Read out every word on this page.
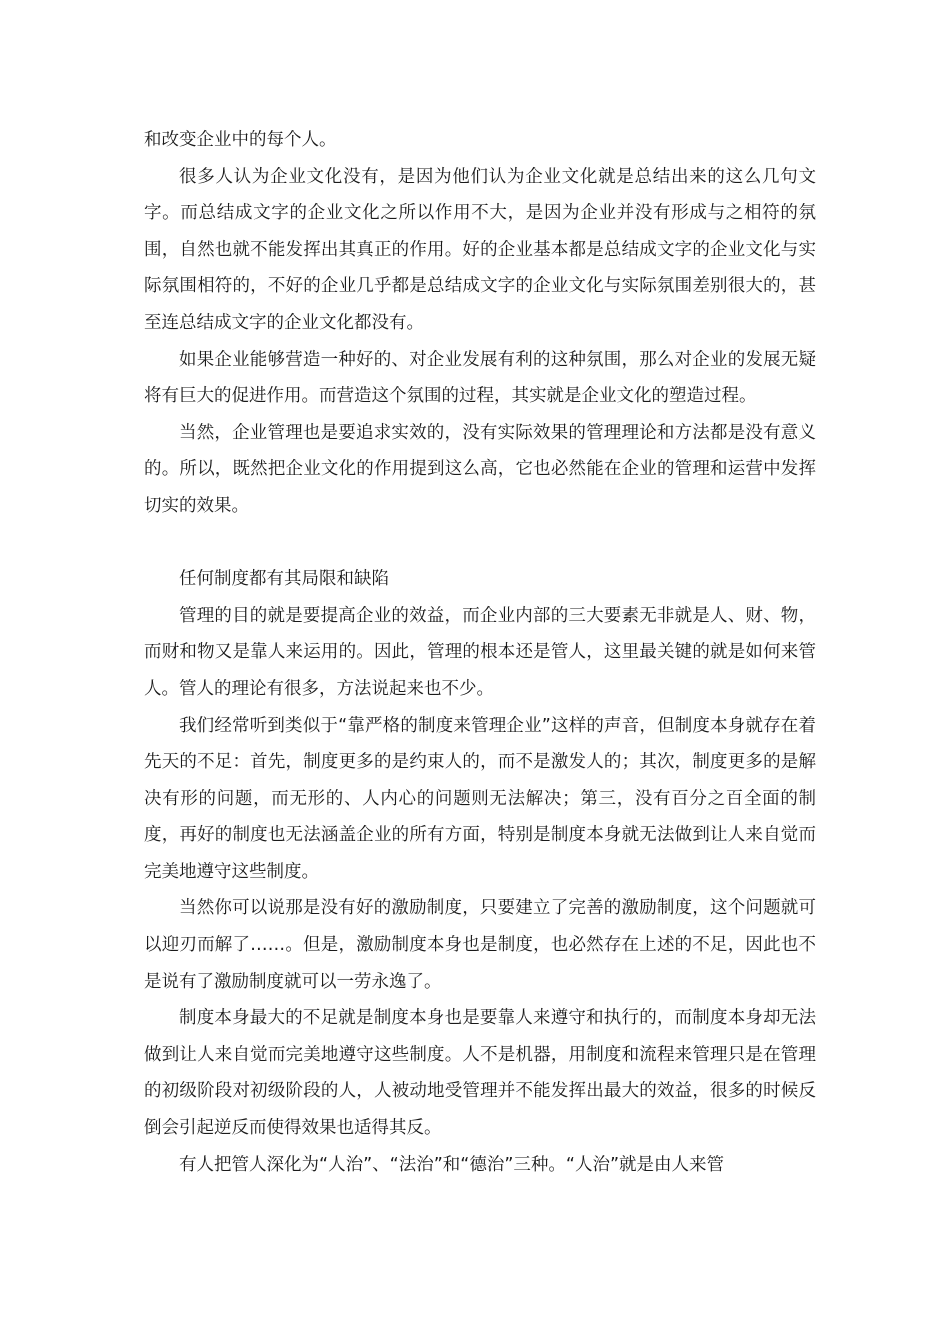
和改变企业中的每个人。

很多人认为企业文化没有，是因为他们认为企业文化就是总结出来的这么几句文字。而总结成文字的企业文化之所以作用不大，是因为企业并没有形成与之相符的氛围，自然也就不能发挥出其真正的作用。好的企业基本都是总结成文字的企业文化与实际氛围相符的，不好的企业几乎都是总结成文字的企业文化与实际氛围差别很大的，甚至连总结成文字的企业文化都没有。

如果企业能够营造一种好的、对企业发展有利的这种氛围，那么对企业的发展无疑将有巨大的促进作用。而营造这个氛围的过程，其实就是企业文化的塑造过程。

当然，企业管理也是要追求实效的，没有实际效果的管理理论和方法都是没有意义的。所以，既然把企业文化的作用提到这么高，它也必然能在企业的管理和运营中发挥切实的效果。

任何制度都有其局限和缺陷

管理的目的就是要提高企业的效益，而企业内部的三大要素无非就是人、财、物，而财和物又是靠人来运用的。因此，管理的根本还是管人，这里最关键的就是如何来管人。管人的理论有很多，方法说起来也不少。

我们经常听到类似于“靠严格的制度来管理企业”这样的声音，但制度本身就存在着先天的不足：首先，制度更多的是约束人的，而不是激发人的；其次，制度更多的是解决有形的问题，而无形的、人内心的问题则无法解决；第三，没有百分之百全面的制度，再好的制度也无法涵盖企业的所有方面，特别是制度本身就无法做到让人来自觉而完美地遵守这些制度。

当然你可以说那是没有好的激励制度，只要建立了完善的激励制度，这个问题就可以迎刃而解了……。但是，激励制度本身也是制度，也必然存在上述的不足，因此也不是说有了激励制度就可以一劳永逸了。

制度本身最大的不足就是制度本身也是要靠人来遵守和执行的，而制度本身却无法做到让人来自觉而完美地遵守这些制度。人不是机器，用制度和流程来管理只是在管理的初级阶段对初级阶段的人，人被动地受管理并不能发挥出最大的效益，很多的时候反倒会引起逆反而使得效果也适得其反。

有人把管人深化为“人治”、“法治”和“德治”三种。“人治”就是由人来管
